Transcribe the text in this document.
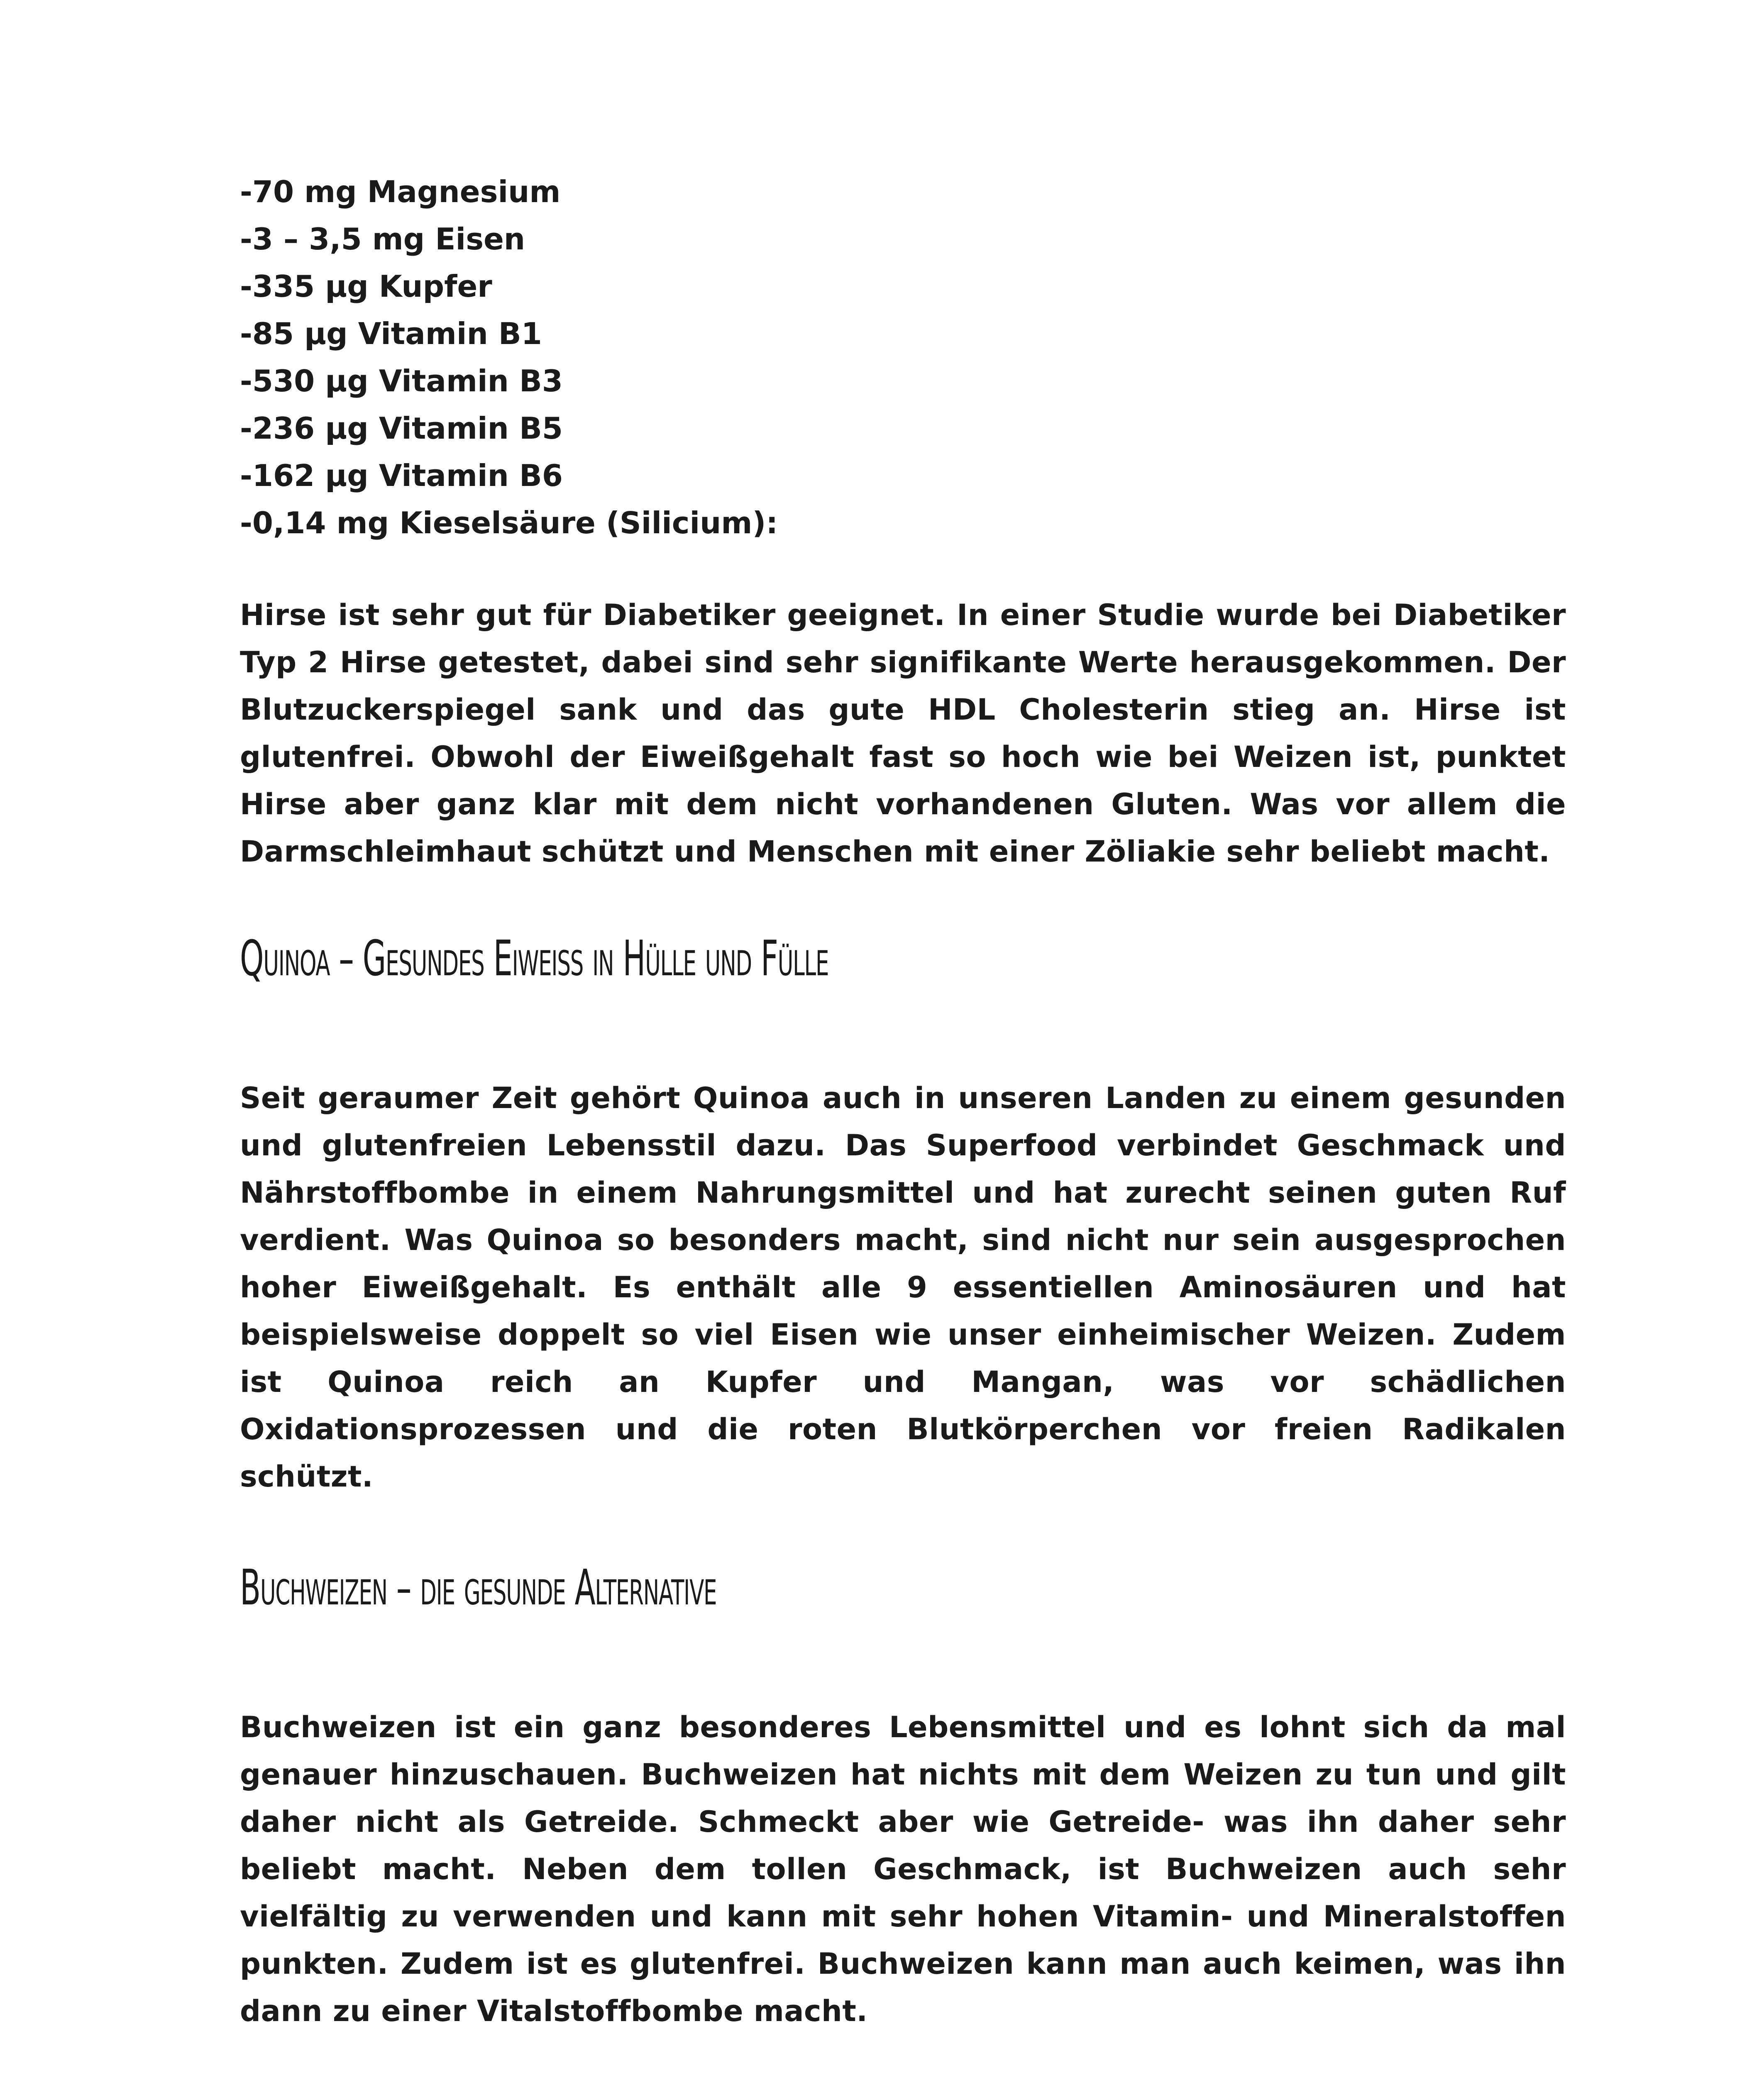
-70 mg Magnesium
-3 – 3,5 mg Eisen
-335 µg Kupfer
-85 µg Vitamin B1
-530 µg Vitamin B3
-236 µg Vitamin B5
-162 µg Vitamin B6
-0,14 mg Kieselsäure (Silicium):

Hirse ist sehr gut für Diabetiker geeignet. In einer Studie wurde bei Diabetiker Typ 2 Hirse getestet, dabei sind sehr signifikante Werte herausgekommen. Der Blutzuckerspiegel sank und das gute HDL Cholesterin stieg an. Hirse ist glutenfrei. Obwohl der Eiweißgehalt fast so hoch wie bei Weizen ist, punktet Hirse aber ganz klar mit dem nicht vorhandenen Gluten. Was vor allem die Darmschleimhaut schützt und Menschen mit einer Zöliakie sehr beliebt macht.

Quinoa – Gesundes Eiweiss in Hülle und Fülle

Seit geraumer Zeit gehört Quinoa auch in unseren Landen zu einem gesunden und glutenfreien Lebensstil dazu. Das Superfood verbindet Geschmack und Nährstoffbombe in einem Nahrungsmittel und hat zurecht seinen guten Ruf verdient. Was Quinoa so besonders macht, sind nicht nur sein ausgesprochen hoher Eiweißgehalt. Es enthält alle 9 essentiellen Aminosäuren und hat beispielsweise doppelt so viel Eisen wie unser einheimischer Weizen. Zudem ist Quinoa reich an Kupfer und Mangan, was vor schädlichen Oxidationsprozessen und die roten Blutkörperchen vor freien Radikalen schützt.

Buchweizen – die gesunde Alternative

Buchweizen ist ein ganz besonderes Lebensmittel und es lohnt sich da mal genauer hinzuschauen. Buchweizen hat nichts mit dem Weizen zu tun und gilt daher nicht als Getreide. Schmeckt aber wie Getreide- was ihn daher sehr beliebt macht. Neben dem tollen Geschmack, ist Buchweizen auch sehr vielfältig zu verwenden und kann mit sehr hohen Vitamin- und Mineralstoffen punkten. Zudem ist es glutenfrei. Buchweizen kann man auch keimen, was ihn dann zu einer Vitalstoffbombe macht.
